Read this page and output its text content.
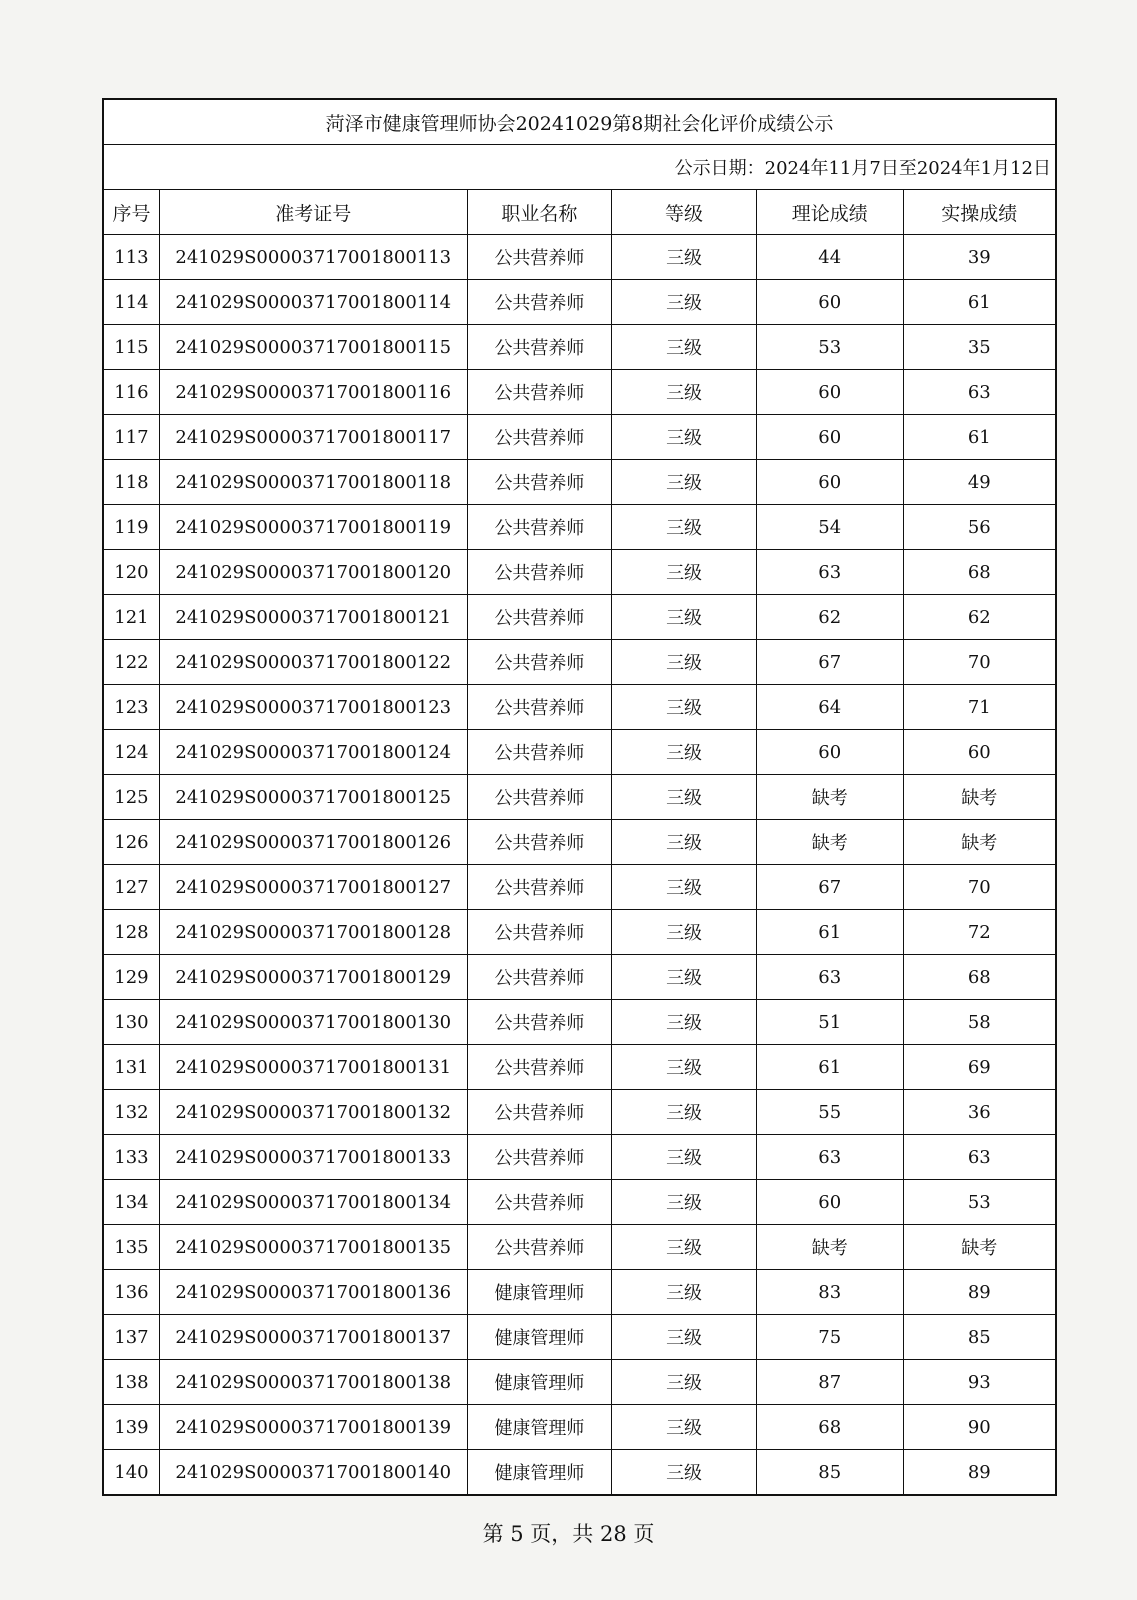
菏泽市健康管理师协会20241029第8期社会化评价成绩公示					
公示日期：2024年11月7日至2024年1月12日					
序号	准考证号	职业名称	等级	理论成绩	实操成绩
113	241029S00003717001800113	公共营养师	三级	44	39
114	241029S00003717001800114	公共营养师	三级	60	61
115	241029S00003717001800115	公共营养师	三级	53	35
116	241029S00003717001800116	公共营养师	三级	60	63
117	241029S00003717001800117	公共营养师	三级	60	61
118	241029S00003717001800118	公共营养师	三级	60	49
119	241029S00003717001800119	公共营养师	三级	54	56
120	241029S00003717001800120	公共营养师	三级	63	68
121	241029S00003717001800121	公共营养师	三级	62	62
122	241029S00003717001800122	公共营养师	三级	67	70
123	241029S00003717001800123	公共营养师	三级	64	71
124	241029S00003717001800124	公共营养师	三级	60	60
125	241029S00003717001800125	公共营养师	三级	缺考	缺考
126	241029S00003717001800126	公共营养师	三级	缺考	缺考
127	241029S00003717001800127	公共营养师	三级	67	70
128	241029S00003717001800128	公共营养师	三级	61	72
129	241029S00003717001800129	公共营养师	三级	63	68
130	241029S00003717001800130	公共营养师	三级	51	58
131	241029S00003717001800131	公共营养师	三级	61	69
132	241029S00003717001800132	公共营养师	三级	55	36
133	241029S00003717001800133	公共营养师	三级	63	63
134	241029S00003717001800134	公共营养师	三级	60	53
135	241029S00003717001800135	公共营养师	三级	缺考	缺考
136	241029S00003717001800136	健康管理师	三级	83	89
137	241029S00003717001800137	健康管理师	三级	75	85
138	241029S00003717001800138	健康管理师	三级	87	93
139	241029S00003717001800139	健康管理师	三级	68	90
140	241029S00003717001800140	健康管理师	三级	85	89
第 5 页，共 28 页
